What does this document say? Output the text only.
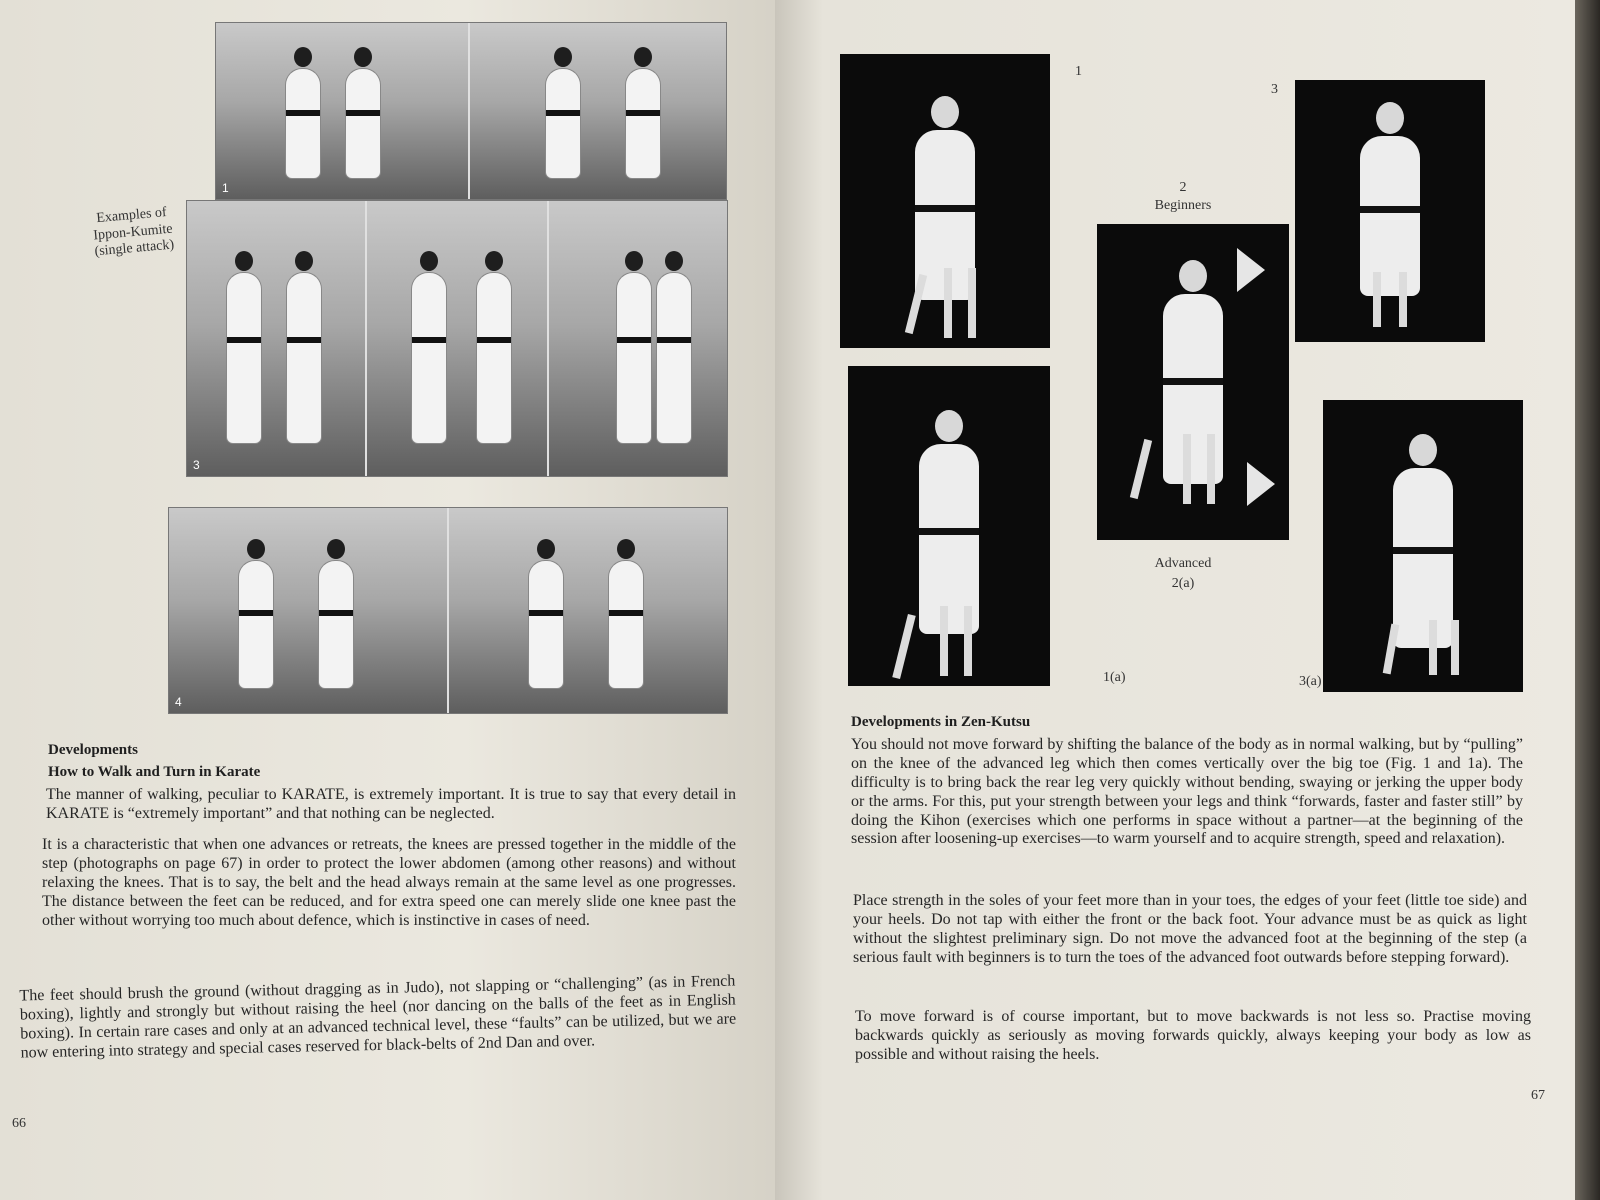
1
3
4
Examples of Ippon-Kumite (single attack)
Developments
How to Walk and Turn in Karate
The manner of walking, peculiar to KARATE, is extremely important. It is true to say that every detail in KARATE is “extremely important” and that nothing can be neglected.
It is a characteristic that when one advances or retreats, the knees are pressed together in the middle of the step (photographs on page 67) in order to protect the lower abdomen (among other reasons) and without relaxing the knees. That is to say, the belt and the head always remain at the same level as one progresses. The distance between the feet can be reduced, and for extra speed one can merely slide one knee past the other without worrying too much about defence, which is instinctive in cases of need.
The feet should brush the ground (without dragging as in Judo), not slapping or “challenging” (as in French boxing), lightly and strongly but without raising the heel (nor dancing on the balls of the feet as in English boxing). In certain rare cases and only at an advanced technical level, these “faults” can be utilized, but we are now entering into strategy and special cases reserved for black-belts of 2nd Dan and over.
66
1
1(a)
2
Beginners
Advanced
2(a)
3
3(a)
Developments in Zen-Kutsu
You should not move forward by shifting the balance of the body as in normal walking, but by “pulling” on the knee of the advanced leg which then comes vertically over the big toe (Fig. 1 and 1a). The difficulty is to bring back the rear leg very quickly without bending, swaying or jerking the upper body or the arms. For this, put your strength between your legs and think “forwards, faster and faster still” by doing the Kihon (exercises which one performs in space without a partner—at the beginning of the session after loosening-up exercises—to warm yourself and to acquire strength, speed and relaxation).
Place strength in the soles of your feet more than in your toes, the edges of your feet (little toe side) and your heels. Do not tap with either the front or the back foot. Your advance must be as quick as light without the slightest preliminary sign. Do not move the advanced foot at the beginning of the step (a serious fault with beginners is to turn the toes of the advanced foot outwards before stepping forward).
To move forward is of course important, but to move backwards is not less so. Practise moving backwards quickly as seriously as moving forwards quickly, always keeping your body as low as possible and without raising the heels.
67
